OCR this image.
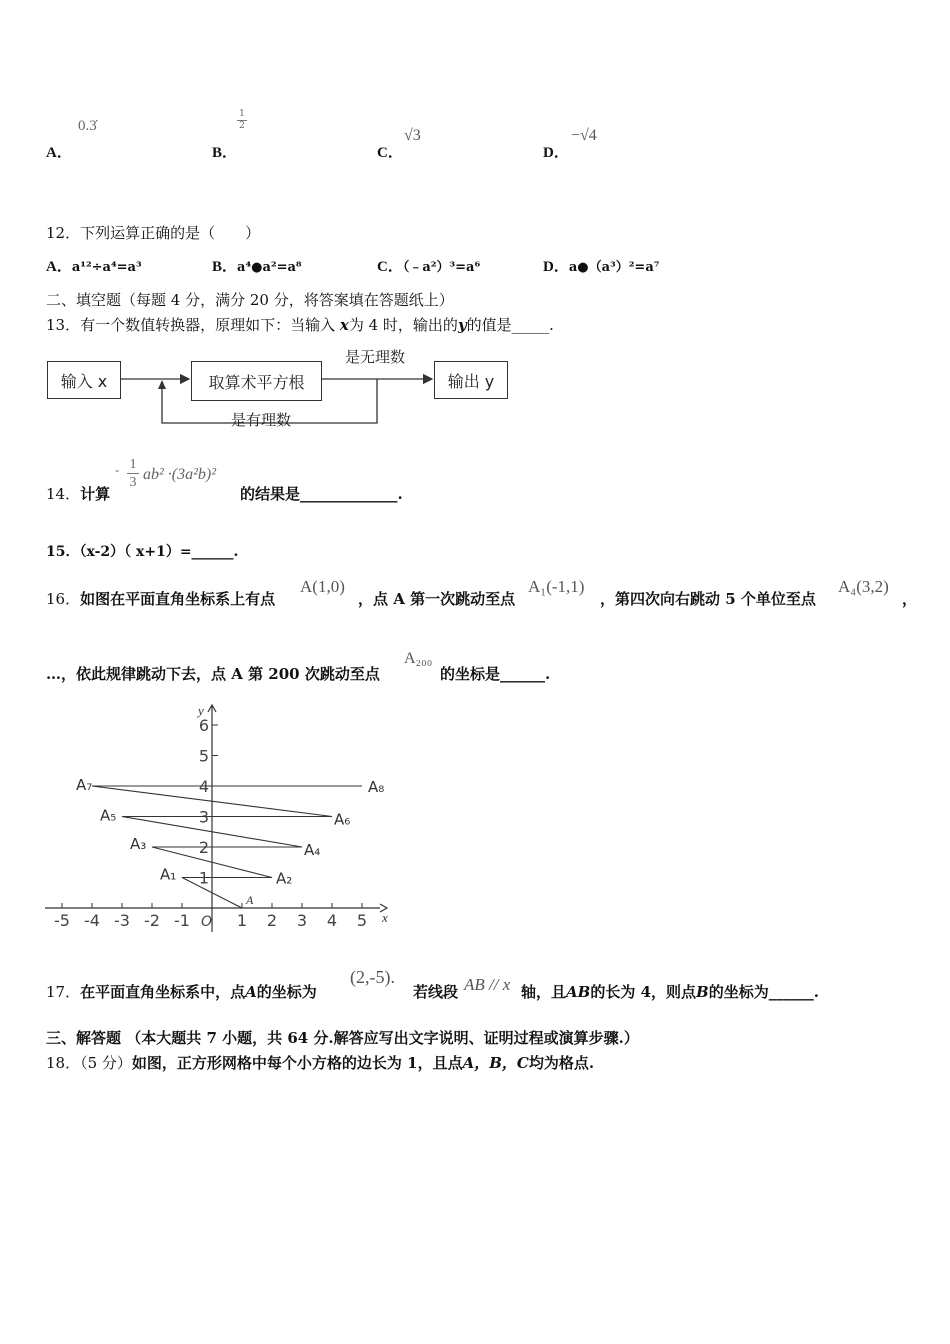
0.3̇
A．
1
2
B．	C．
√3
D．
−√4
12．下列运算正确的是（　　）
A．a¹²÷a⁴=a³	B．a⁴●a²=a⁸	C．（﹣a²）³=a⁶	D．a●（a³）²=a⁷
二、填空题（每题 4 分，满分 20 分，将答案填在答题纸上）
13．有一个数值转换器，原理如下：当输入 x为 4 时，输出的y的值是_____.
输入 x	取算术平方根	输出 y
是无理数
是有理数
14．计算
- 1
3 ab² ·(3a²b)²
的结果是_____________.
15．（x-2）（ x+1）=______.
16．如图在平面直角坐标系上有点
A(1,0)
，点 A 第一次跳动至点
A₁(-1,1)
，第四次向右跳动 5 个单位至点
A₄(3,2)
，
…，依此规律跳动下去，点 A 第 200 次跳动至点
A₂₀₀
的坐标是______.
x
y
-5 -4 -3 -2 -1 O 1 2 3 4 5
1
2
3
4
5
6
A
A₁	A₂
A₃	A₄
A₅	A₆
A₇	A₈
17．在平面直角坐标系中，点A的坐标为
(2,-5).
若线段 AB // x 轴，且AB的长为 4，则点B的坐标为______.
三、解答题 （本大题共 7 小题，共 64 分.解答应写出文字说明、证明过程或演算步骤.）
18．（5 分）如图，正方形网格中每个小方格的边长为 1，且点A，B，C均为格点.
